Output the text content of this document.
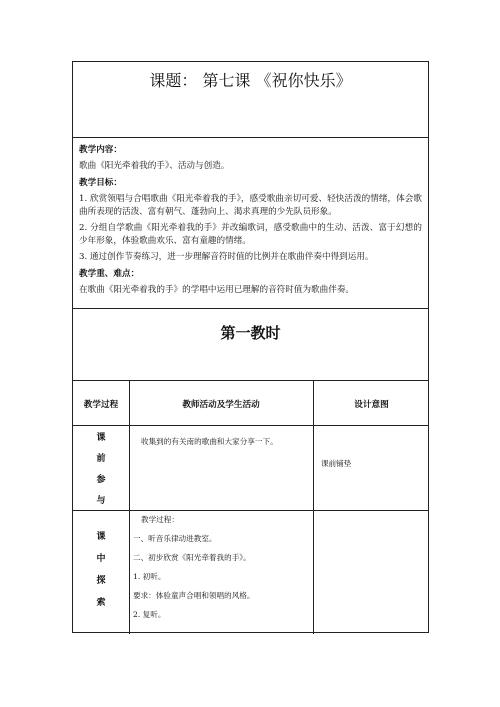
课题： 第七课 《祝你快乐》
教学内容：

歌曲《阳光牵着我的手》、活动与创造。

教学目标：

1. 欣赏领唱与合唱歌曲《阳光牵着我的手》，感受歌曲亲切可爱、轻快活泼的情绪，体会歌曲所表现的活泼、富有朝气、蓬勃向上、渴求真理的少先队员形象。

2. 分组自学歌曲《阳光牵着我的手》并改编歌词，感受歌曲中的生动、活泼、富于幻想的少年形象，体验歌曲欢乐、富有童趣的情绪。

3. 通过创作节奏练习，进一步理解音符时值的比例并在歌曲伴奏中得到运用。

教学重、难点：

在歌曲《阳光牵着我的手》的学唱中运用已理解的音符时值为歌曲伴奏。

第一教时
教学过程	教师活动及学生活动	设计意图
课
前
参
与
收集到的有关南的歌曲和大家分享一下。
课前铺垫
课
中
探
索
教学过程：
一、听音乐律动进教室。
二、初步欣赏《阳光牵着我的手》。
1. 初听。
要求：体验童声合唱和领唱的风格。
2. 复听。
